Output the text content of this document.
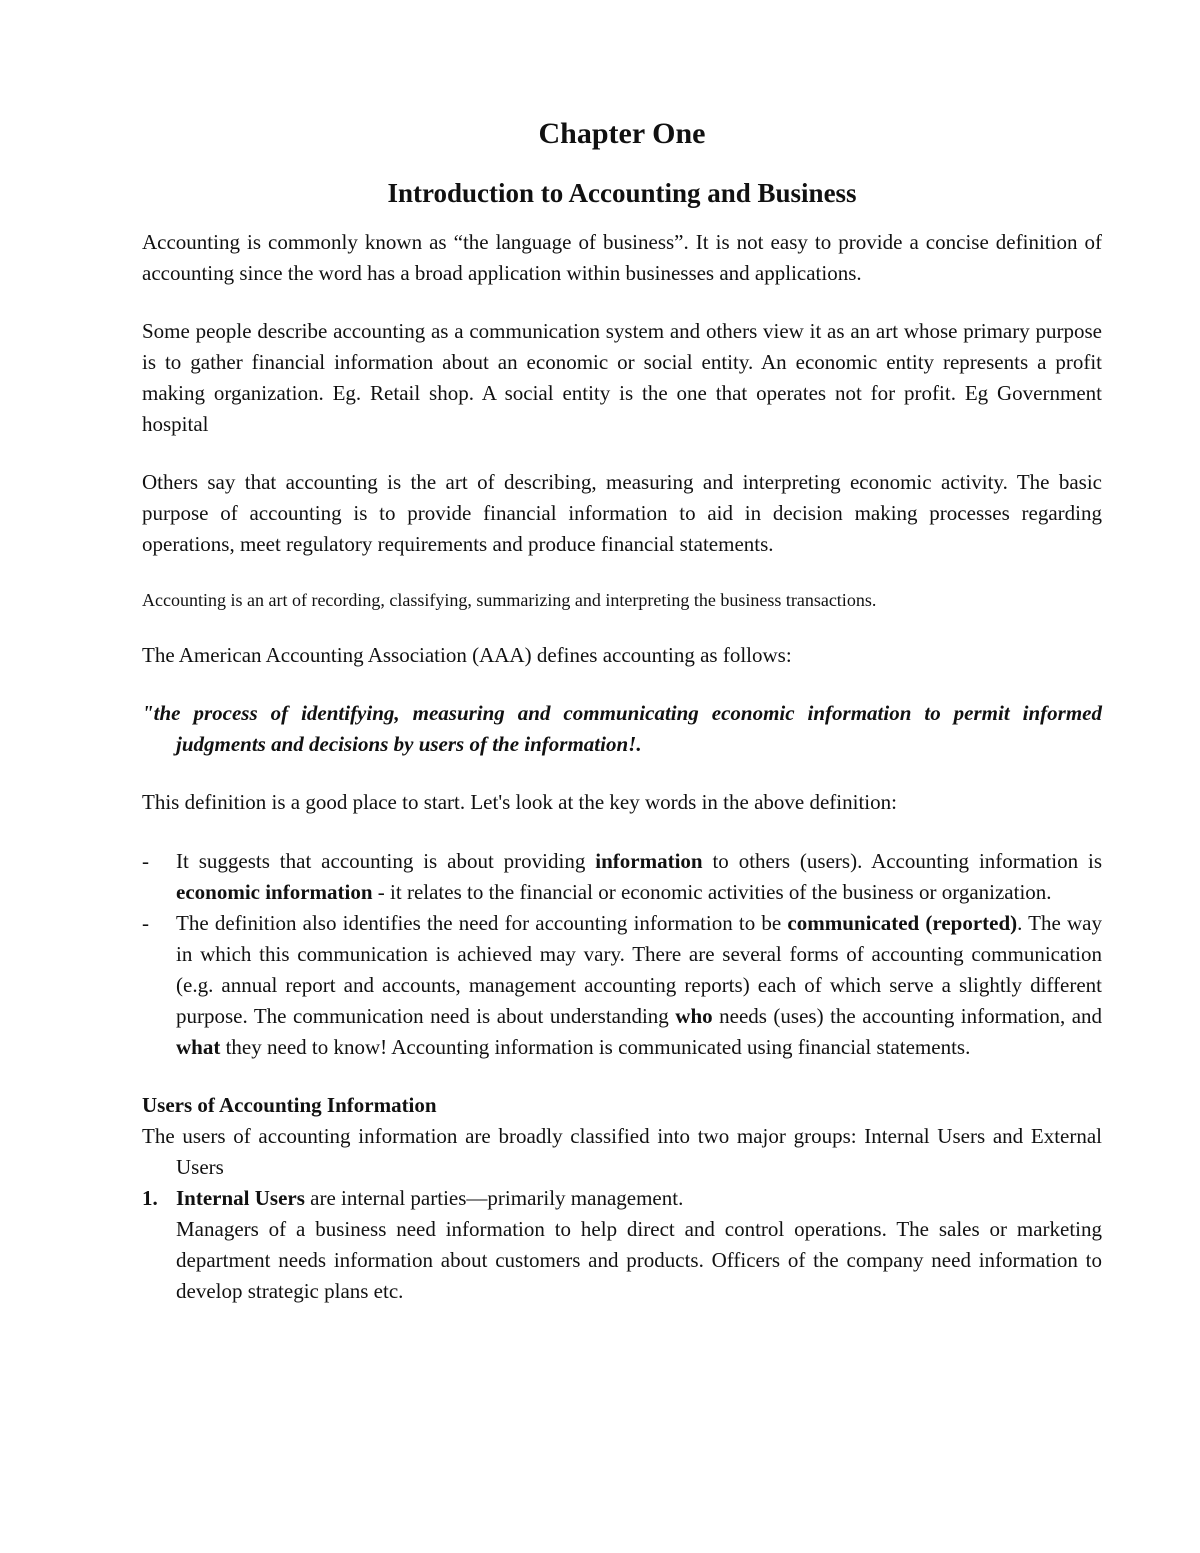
Chapter One
Introduction to Accounting and Business

Accounting is commonly known as “the language of business”. It is not easy to provide a concise definition of accounting since the word has a broad application within businesses and applications.

Some people describe accounting as a communication system and others view it as an art whose primary purpose is to gather financial information about an economic or social entity. An economic entity represents a profit making organization. Eg. Retail shop. A social entity is the one that operates not for profit. Eg Government hospital

Others say that accounting is the art of describing, measuring and interpreting economic activity. The basic purpose of accounting is to provide financial information to aid in decision making processes regarding operations, meet regulatory requirements and produce financial statements.

Accounting is an art of recording, classifying, summarizing and interpreting the business transactions.

The American Accounting Association (AAA) defines accounting as follows:

"the process of identifying, measuring and communicating economic information to permit informed judgments and decisions by users of the information!.

This definition is a good place to start. Let's look at the key words in the above definition:

- It suggests that accounting is about providing information to others (users). Accounting information is economic information - it relates to the financial or economic activities of the business or organization.
- The definition also identifies the need for accounting information to be communicated (reported). The way in which this communication is achieved may vary. There are several forms of accounting communication (e.g. annual report and accounts, management accounting reports) each of which serve a slightly different purpose. The communication need is about understanding who needs (uses) the accounting information, and what they need to know! Accounting information is communicated using financial statements.
Users of Accounting Information

The users of accounting information are broadly classified into two major groups: Internal Users and External Users

1. Internal Users are internal parties—primarily management.

Managers of a business need information to help direct and control operations. The sales or marketing department needs information about customers and products. Officers of the company need information to develop strategic plans etc.
